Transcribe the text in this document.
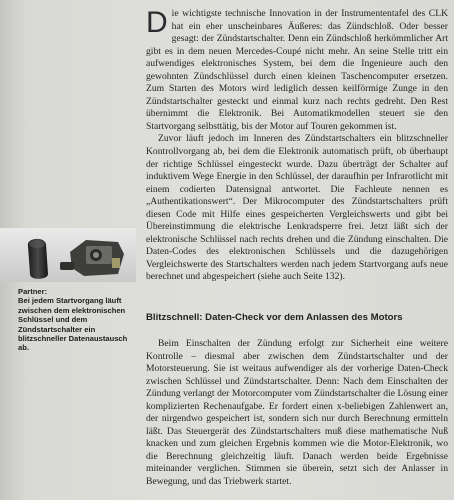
Die wichtigste technische Innovation in der Instrumententafel des CLK hat ein eher unscheinbares Äußeres: das Zündschloß. Oder besser gesagt: der Zündstartschalter. Denn ein Zündschloß herkömmlicher Art gibt es in dem neuen Mercedes-Coupé nicht mehr. An seine Stelle tritt ein aufwendiges elektronisches System, bei dem die Ingenieure auch den gewohnten Zündschlüssel durch einen kleinen Taschencomputer ersetzen. Zum Starten des Motors wird lediglich dessen keilförmige Zunge in den Zündstartschalter gesteckt und einmal kurz nach rechts gedreht. Den Rest übernimmt die Elektronik. Bei Automatikmodellen steuert sie den Startvorgang selbsttätig, bis der Motor auf Touren gekommen ist.

Zuvor läuft jedoch im Inneren des Zündstartschalters ein blitzschneller Kontrollvorgang ab, bei dem die Elektronik automatisch prüft, ob überhaupt der richtige Schlüssel eingesteckt wurde. Dazu überträgt der Schalter auf induktivem Wege Energie in den Schlüssel, der daraufhin per Infrarotlicht mit einem codierten Datensignal antwortet. Die Fachleute nennen es „Authentikationswert“. Der Mikrocomputer des Zündstartschalters prüft diesen Code mit Hilfe eines gespeicherten Vergleichswerts und gibt bei Übereinstimmung die elektrische Lenkradsperre frei. Jetzt läßt sich der elektronische Schlüssel nach rechts drehen und die Zündung einschalten. Die Daten-Codes des elektronischen Schlüssels und die dazugehörigen Vergleichswerte des Startschalters werden nach jedem Startvorgang aufs neue berechnet und abgespeichert (siehe auch Seite 132).

Partner:
Bei jedem Startvorgang läuft zwischen dem elektronischen Schlüssel und dem Zündstartschalter ein blitzschneller Datenaustausch ab.
Blitzschnell: Daten-Check vor dem Anlassen des Motors

Beim Einschalten der Zündung erfolgt zur Sicherheit eine weitere Kontrolle – diesmal aber zwischen dem Zündstartschalter und der Motorsteuerung. Sie ist weitaus aufwendiger als der vorherige Daten-Check zwischen Schlüssel und Zündstartschalter. Denn: Nach dem Einschalten der Zündung verlangt der Motorcomputer vom Zündstartschalter die Lösung einer komplizierten Rechenaufgabe. Er fordert einen x-beliebigen Zahlenwert an, der nirgendwo gespeichert ist, sondern sich nur durch Berechnung ermitteln läßt. Das Steuergerät des Zündstartschalters muß diese mathematische Nuß knacken und zum gleichen Ergebnis kommen wie die Motor-Elektronik, wo die Berechnung gleichzeitig läuft. Danach werden beide Ergebnisse miteinander verglichen. Stimmen sie überein, setzt sich der Anlasser in Bewegung, und das Triebwerk startet.
